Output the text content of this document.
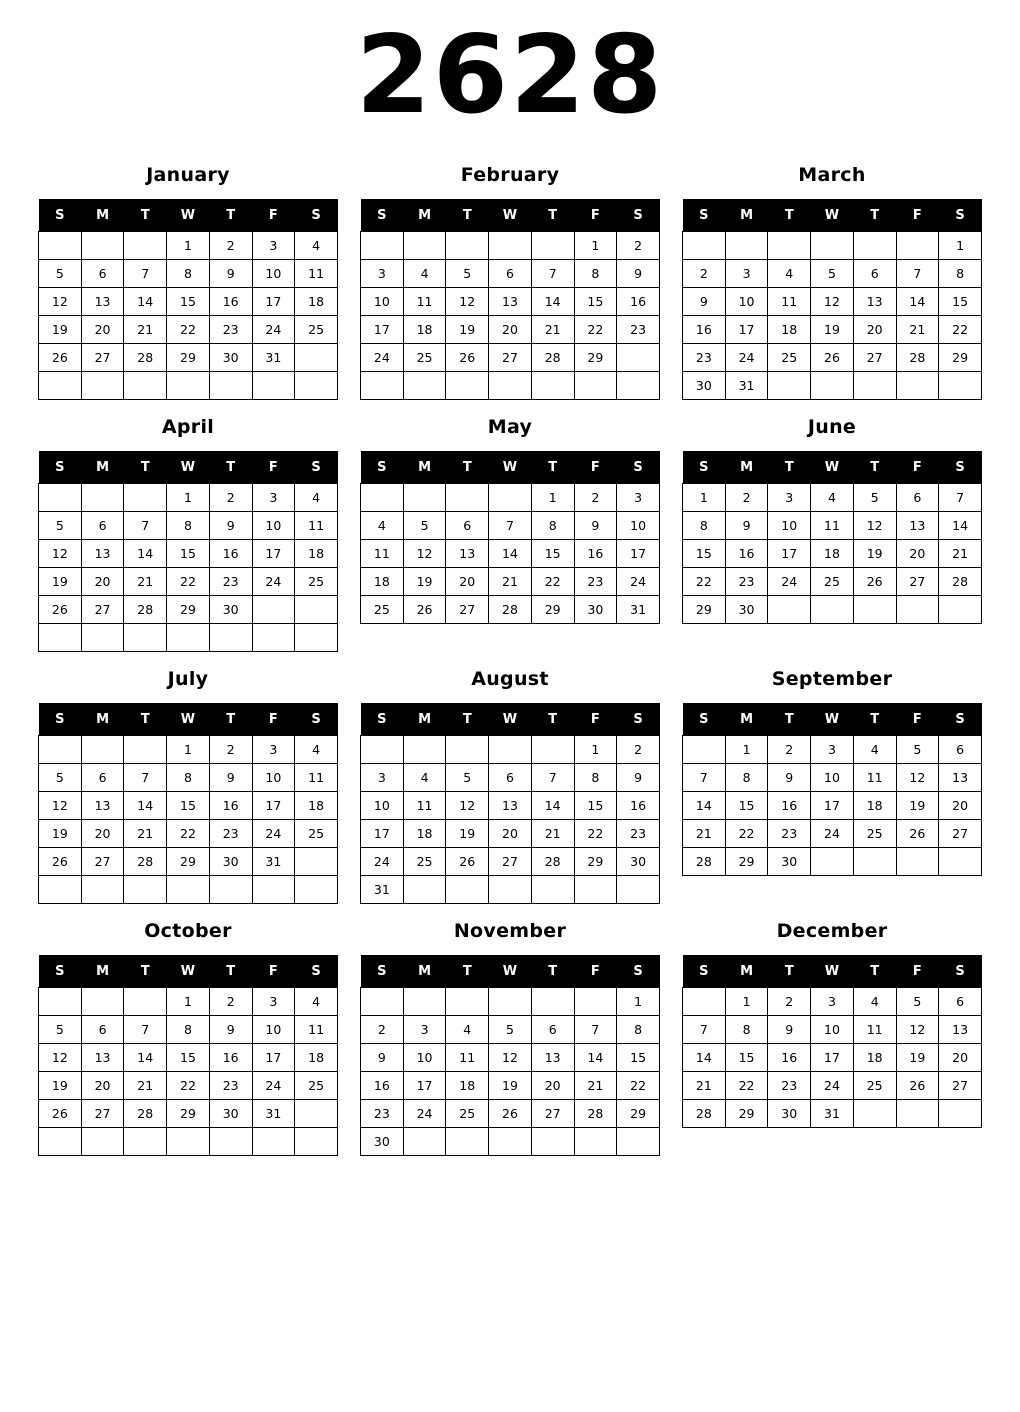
2628
January
S	M	T	W	T	F	S
			1	2	3	4
5	6	7	8	9	10	11
12	13	14	15	16	17	18
19	20	21	22	23	24	25
26	27	28	29	30	31	

February
S	M	T	W	T	F	S
					1	2
3	4	5	6	7	8	9
10	11	12	13	14	15	16
17	18	19	20	21	22	23
24	25	26	27	28	29	

March
S	M	T	W	T	F	S
						1
2	3	4	5	6	7	8
9	10	11	12	13	14	15
16	17	18	19	20	21	22
23	24	25	26	27	28	29
30	31					
April
S	M	T	W	T	F	S
			1	2	3	4
5	6	7	8	9	10	11
12	13	14	15	16	17	18
19	20	21	22	23	24	25
26	27	28	29	30		

May
S	M	T	W	T	F	S
				1	2	3
4	5	6	7	8	9	10
11	12	13	14	15	16	17
18	19	20	21	22	23	24
25	26	27	28	29	30	31
June
S	M	T	W	T	F	S
1	2	3	4	5	6	7
8	9	10	11	12	13	14
15	16	17	18	19	20	21
22	23	24	25	26	27	28
29	30					
July
S	M	T	W	T	F	S
			1	2	3	4
5	6	7	8	9	10	11
12	13	14	15	16	17	18
19	20	21	22	23	24	25
26	27	28	29	30	31	

August
S	M	T	W	T	F	S
					1	2
3	4	5	6	7	8	9
10	11	12	13	14	15	16
17	18	19	20	21	22	23
24	25	26	27	28	29	30
31						
September
S	M	T	W	T	F	S
	1	2	3	4	5	6
7	8	9	10	11	12	13
14	15	16	17	18	19	20
21	22	23	24	25	26	27
28	29	30				
October
S	M	T	W	T	F	S
			1	2	3	4
5	6	7	8	9	10	11
12	13	14	15	16	17	18
19	20	21	22	23	24	25
26	27	28	29	30	31	

November
S	M	T	W	T	F	S
						1
2	3	4	5	6	7	8
9	10	11	12	13	14	15
16	17	18	19	20	21	22
23	24	25	26	27	28	29
30						
December
S	M	T	W	T	F	S
	1	2	3	4	5	6
7	8	9	10	11	12	13
14	15	16	17	18	19	20
21	22	23	24	25	26	27
28	29	30	31			
